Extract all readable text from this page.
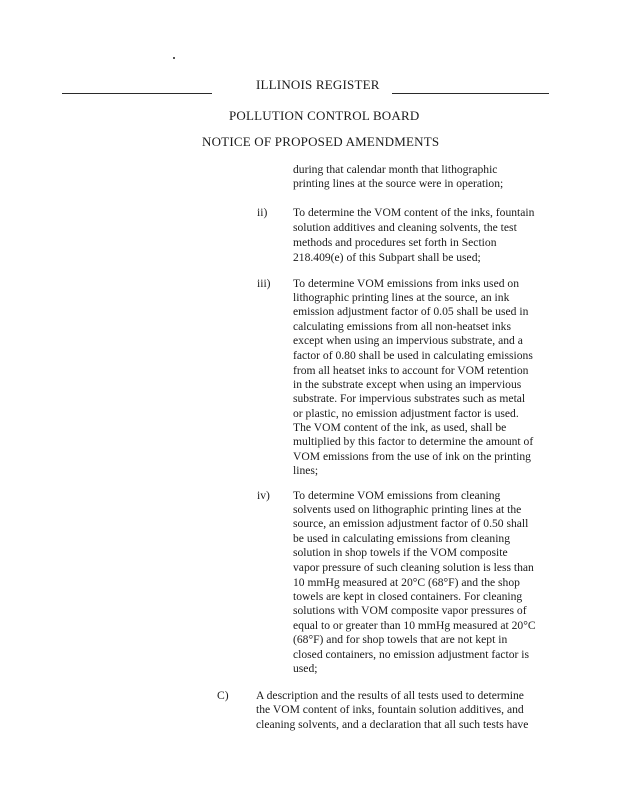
ILLINOIS REGISTER
POLLUTION CONTROL BOARD
NOTICE OF PROPOSED AMENDMENTS
during that calendar month that lithographic
printing lines at the source were in operation;
ii) To determine the VOM content of the inks, fountain
solution additives and cleaning solvents, the test
methods and procedures set forth in Section
218.409(e) of this Subpart shall be used;
iii) To determine VOM emissions from inks used on
lithographic printing lines at the source, an ink
emission adjustment factor of 0.05 shall be used in
calculating emissions from all non-heatset inks
except when using an impervious substrate, and a
factor of 0.80 shall be used in calculating emissions
from all heatset inks to account for VOM retention
in the substrate except when using an impervious
substrate. For impervious substrates such as metal
or plastic, no emission adjustment factor is used.
The VOM content of the ink, as used, shall be
multiplied by this factor to determine the amount of
VOM emissions from the use of ink on the printing
lines;
iv) To determine VOM emissions from cleaning
solvents used on lithographic printing lines at the
source, an emission adjustment factor of 0.50 shall
be used in calculating emissions from cleaning
solution in shop towels if the VOM composite
vapor pressure of such cleaning solution is less than
10 mmHg measured at 20°C (68°F) and the shop
towels are kept in closed containers. For cleaning
solutions with VOM composite vapor pressures of
equal to or greater than 10 mmHg measured at 20°C
(68°F) and for shop towels that are not kept in
closed containers, no emission adjustment factor is
used;
C) A description and the results of all tests used to determine
the VOM content of inks, fountain solution additives, and
cleaning solvents, and a declaration that all such tests have
